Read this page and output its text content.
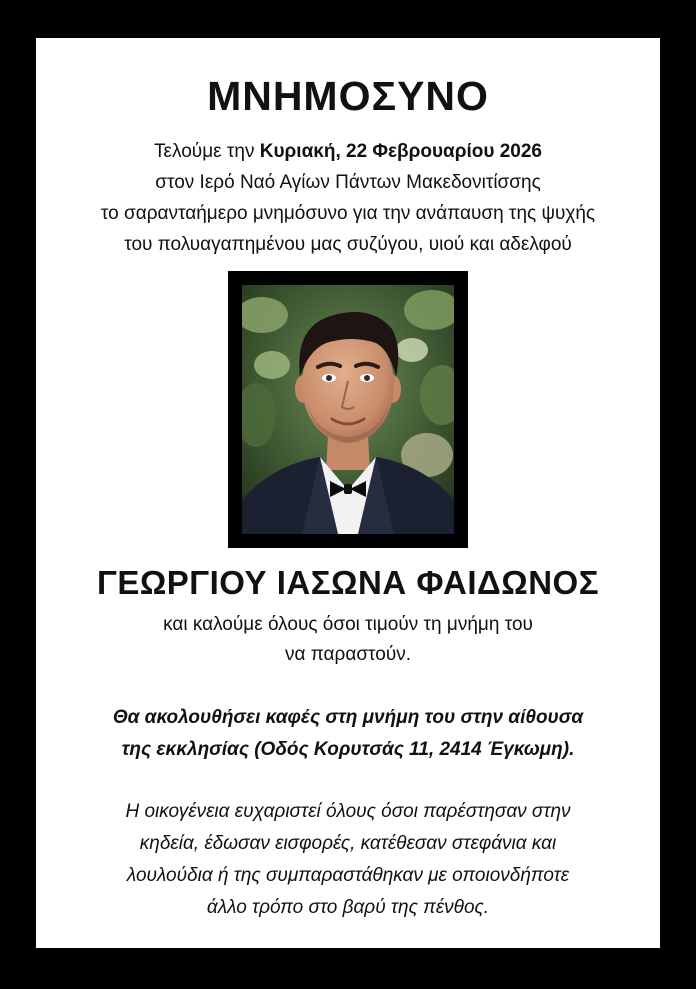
ΜΝΗΜΟΣΥΝΟ

Τελούμε την Κυριακή, 22 Φεβρουαρίου 2026

στον Ιερό Ναό Αγίων Πάντων Μακεδονιτίσσης

το σαρανταήμερο μνημόσυνο για την ανάπαυση της ψυχής

του πολυαγαπημένου μας συζύγου, υιού και αδελφού

ΓΕΩΡΓΙΟΥ ΙΑΣΩΝΑ ΦΑΙΔΩΝΟΣ

και καλούμε όλους όσοι τιμούν τη μνήμη του

να παραστούν.

Θα ακολουθήσει καφές στη μνήμη του στην αίθουσα

της εκκλησίας (Οδός Κορυτσάς 11, 2414 Έγκωμη).

Η οικογένεια ευχαριστεί όλους όσοι παρέστησαν στην

κηδεία, έδωσαν εισφορές, κατέθεσαν στεφάνια και

λουλούδια ή της συμπαραστάθηκαν με οποιονδήποτε

άλλο τρόπο στο βαρύ της πένθος.
